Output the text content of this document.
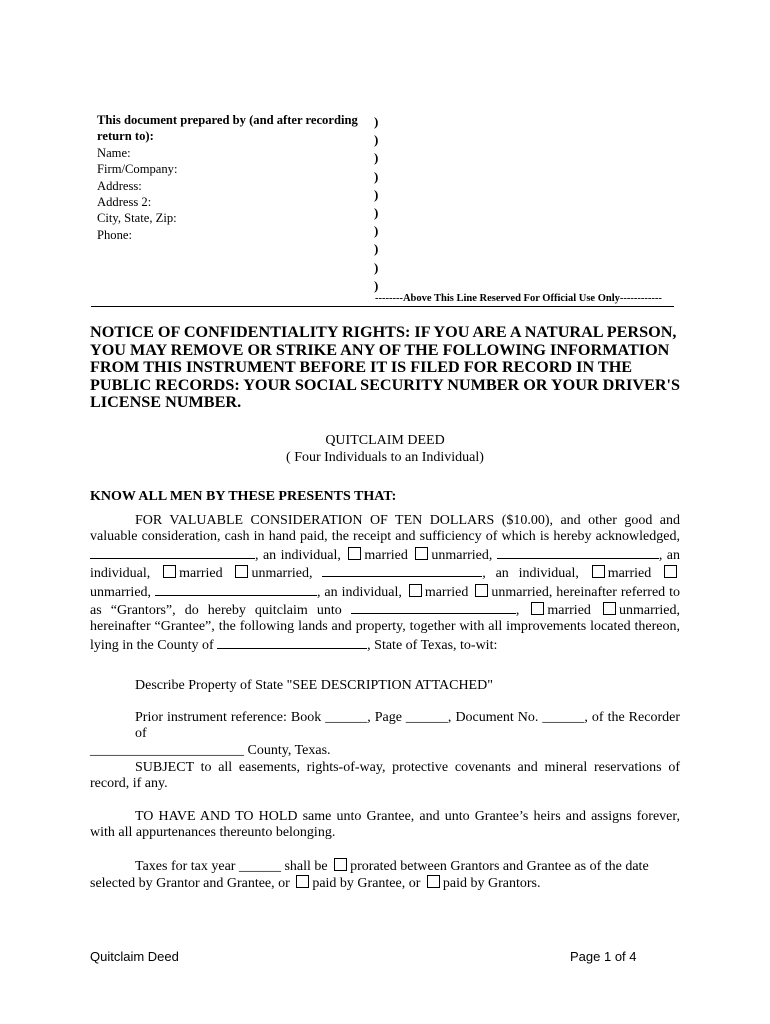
This document prepared by (and after recording
return to):
Name:
Firm/Company:
Address:
Address 2:
City, State, Zip:
Phone:
)
)
)
)
)
)
)
)
)
)
--------Above This Line Reserved For Official Use Only------------
NOTICE OF CONFIDENTIALITY RIGHTS: IF YOU ARE A NATURAL PERSON, YOU MAY REMOVE OR STRIKE ANY OF THE FOLLOWING INFORMATION FROM THIS INSTRUMENT BEFORE IT IS FILED FOR RECORD IN THE PUBLIC RECORDS: YOUR SOCIAL SECURITY NUMBER OR YOUR DRIVER'S LICENSE NUMBER.
QUITCLAIM DEED
( Four Individuals to an Individual)
KNOW ALL MEN BY THESE PRESENTS THAT:
FOR VALUABLE CONSIDERATION OF TEN DOLLARS ($10.00), and other good and valuable consideration, cash in hand paid, the receipt and sufficiency of which is hereby acknowledged, , an individual, married unmarried,	, an individual, married unmarried,	, an individual, married  unmarried,	, an individual, married unmarried, hereinafter referred to as “Grantors”, do hereby quitclaim unto	, married unmarried, hereinafter “Grantee”, the following lands and property, together with all improvements located thereon, lying in the County of	, State of Texas, to-wit:
Describe Property of State "SEE DESCRIPTION ATTACHED"
Prior instrument reference: Book ______, Page ______, Document No. ______, of the Recorder of
______________________ County, Texas.
SUBJECT to all easements, rights-of-way, protective covenants and mineral reservations of record, if any.
TO HAVE AND TO HOLD same unto Grantee, and unto Grantee’s heirs and assigns forever, with all appurtenances thereunto belonging.
Taxes for tax year ______ shall be prorated between Grantors and Grantee as of the date selected by Grantor and Grantee, or paid by Grantee, or paid by Grantors.
Quitclaim Deed	Page 1 of 4
